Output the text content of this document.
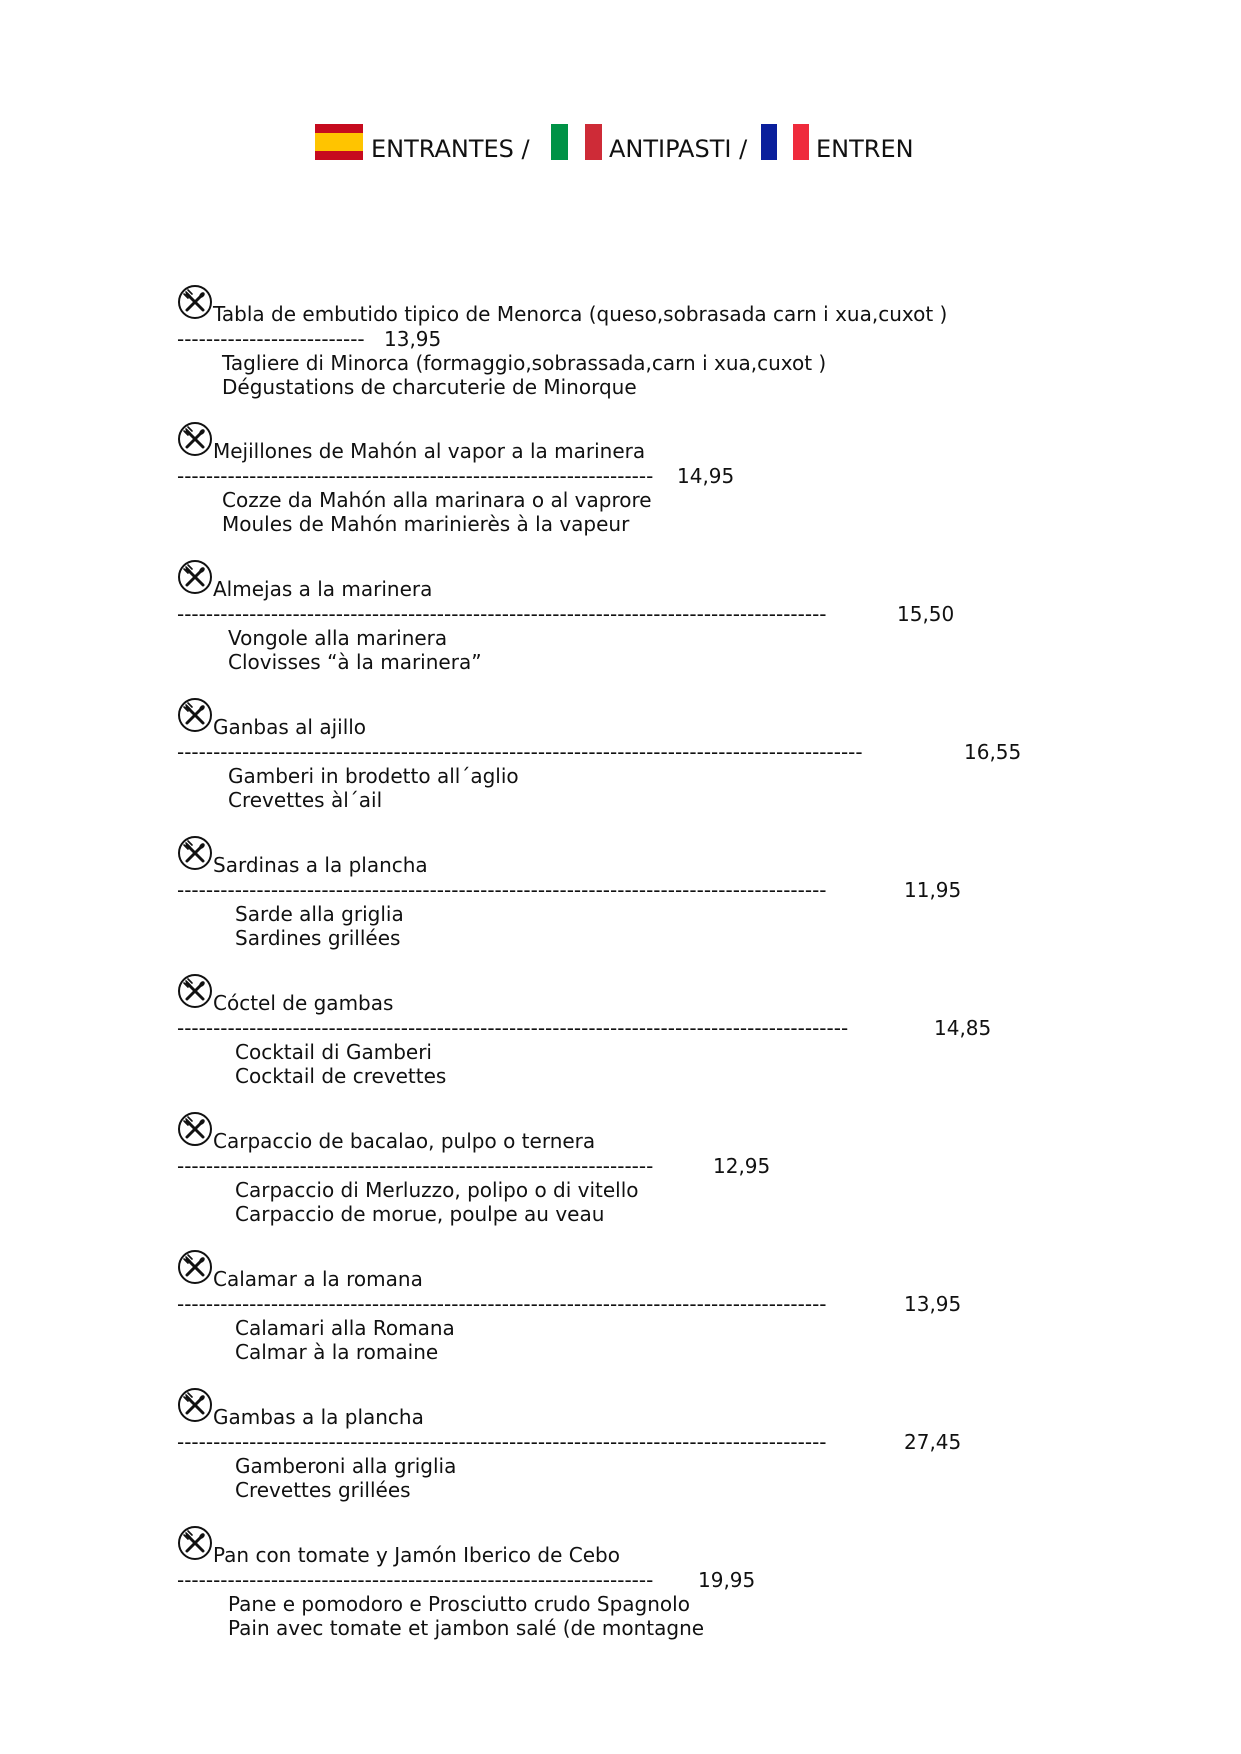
ENTRANTES /	ANTIPASTI /	ENTREN
Tabla de embutido tipico de Menorca (queso,sobrasada carn i xua,cuxot )
-------------------------- 13,95
Tagliere di Minorca (formaggio,sobrassada,carn i xua,cuxot )
Dégustations de charcuterie de Minorque
Mejillones de Mahón al vapor a la marinera
------------------------------------------------------------------	14,95
Cozze da Mahón alla marinara o al vaprore
Moules de Mahón marinierès à la vapeur
Almejas a la marinera
------------------------------------------------------------------------------------------	15,50
Vongole alla marinera
Clovisses “à la marinera”
Ganbas al ajillo
-----------------------------------------------------------------------------------------------	16,55
Gamberi in brodetto all´aglio
Crevettes àl´ail
Sardinas a la plancha
------------------------------------------------------------------------------------------	11,95
Sarde alla griglia
Sardines grillées
Cóctel de gambas
---------------------------------------------------------------------------------------------	14,85
Cocktail di Gamberi
Cocktail de crevettes
Carpaccio de bacalao, pulpo o ternera
------------------------------------------------------------------	12,95
Carpaccio di Merluzzo, polipo o di vitello
Carpaccio de morue, poulpe au veau
Calamar a la romana
------------------------------------------------------------------------------------------	13,95
Calamari alla Romana
Calmar à la romaine
Gambas a la plancha
------------------------------------------------------------------------------------------	27,45
Gamberoni alla griglia
Crevettes grillées
Pan con tomate y Jamón Iberico de Cebo
------------------------------------------------------------------	19,95
Pane e pomodoro e Prosciutto crudo Spagnolo
Pain avec tomate et jambon salé (de montagne
